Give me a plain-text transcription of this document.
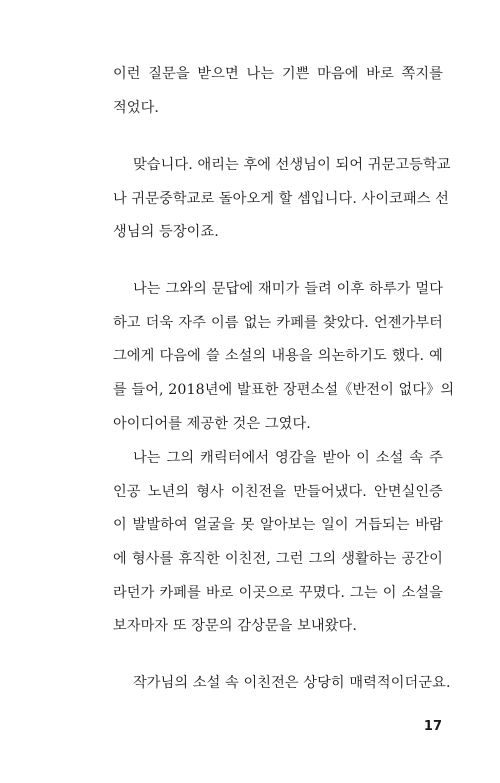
이런 질문을 받으면 나는 기쁜 마음에 바로 쪽지를
적었다.
맞습니다. 애리는 후에 선생님이 되어 귀문고등학교
나 귀문중학교로 돌아오게 할 셈입니다. 사이코패스 선
생님의 등장이죠.
나는 그와의 문답에 재미가 들려 이후 하루가 멀다
하고 더욱 자주 이름 없는 카페를 찾았다. 언젠가부터
그에게 다음에 쓸 소설의 내용을 의논하기도 했다. 예
를 들어, 2018년에 발표한 장편소설《반전이 없다》의
아이디어를 제공한 것은 그였다.
나는 그의 캐릭터에서 영감을 받아 이 소설 속 주
인공 노년의 형사 이친전을 만들어냈다. 안면실인증
이 발발하여 얼굴을 못 알아보는 일이 거듭되는 바람
에 형사를 휴직한 이친전, 그런 그의 생활하는 공간이
라던가 카페를 바로 이곳으로 꾸몄다. 그는 이 소설을
보자마자 또 장문의 감상문을 보내왔다.
작가님의 소설 속 이친전은 상당히 매력적이더군요.
17
